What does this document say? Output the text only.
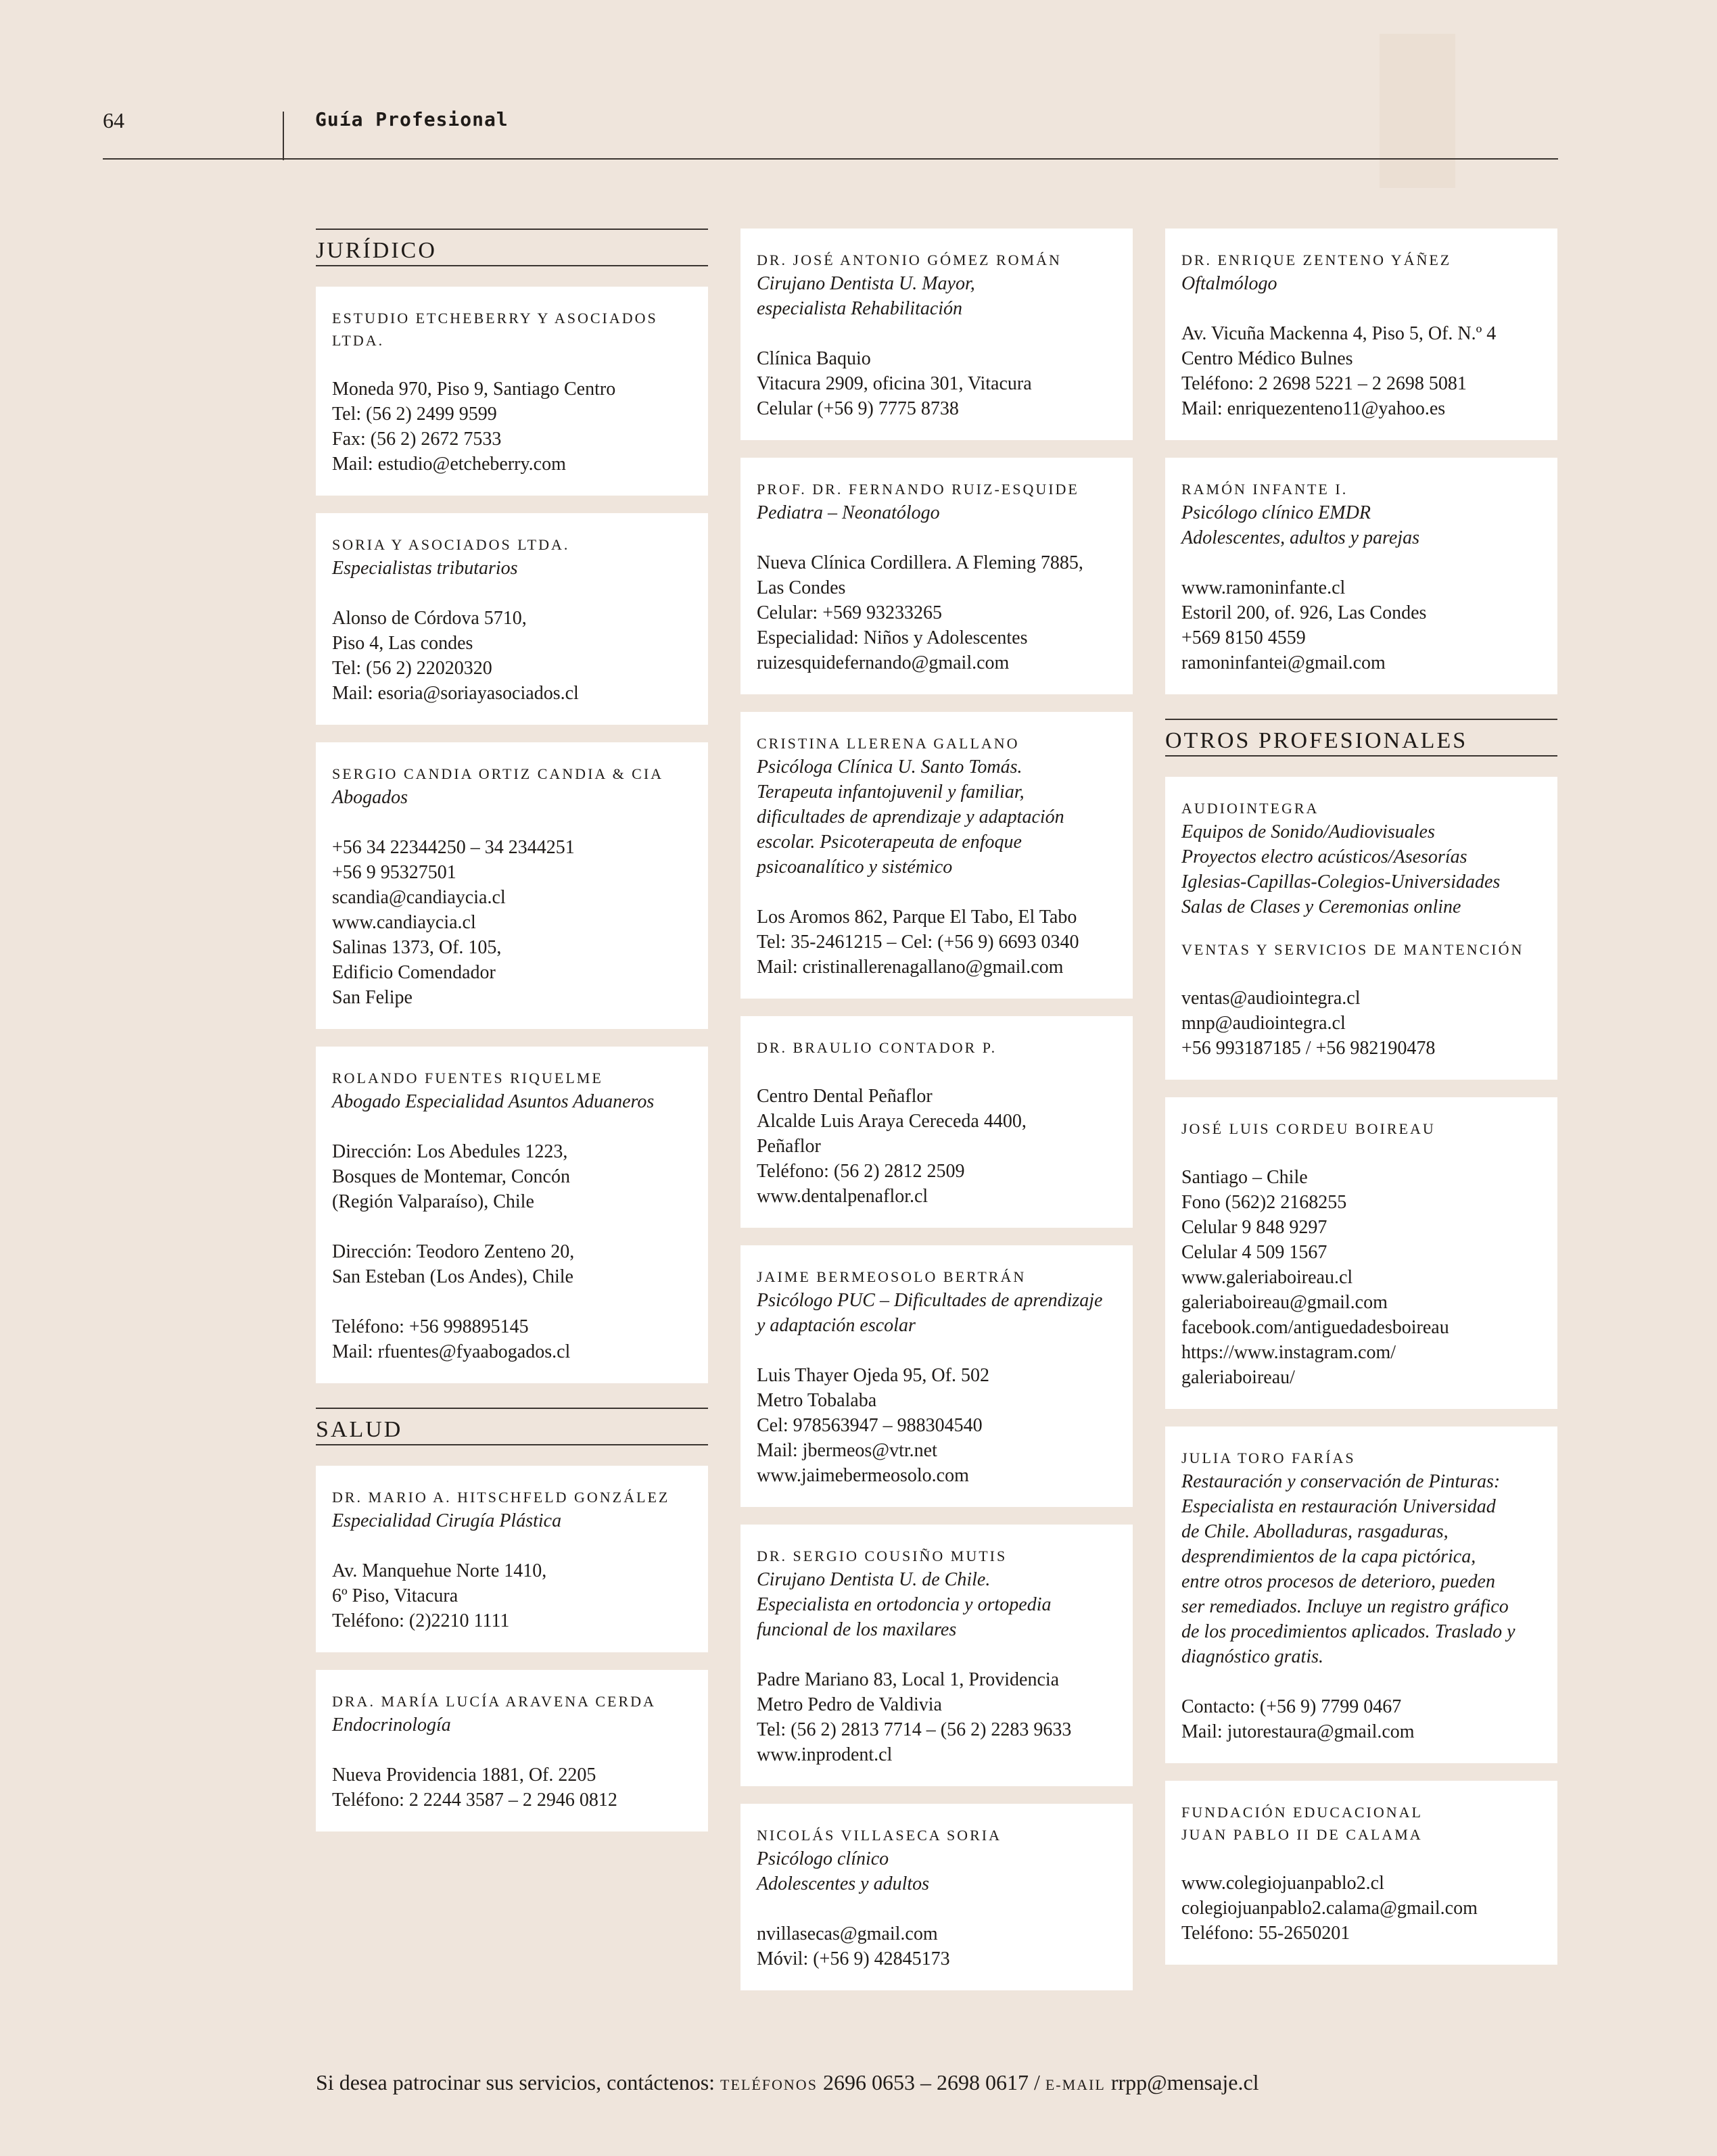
64	Guía Profesional
JURÍDICO
ESTUDIO ETCHEBERRY Y ASOCIADOS LTDA.
Moneda 970, Piso 9, Santiago Centro
Tel: (56 2) 2499 9599
Fax: (56 2) 2672 7533
Mail: estudio@etcheberry.com
SORIA Y ASOCIADOS LTDA.
Especialistas tributarios
Alonso de Córdova 5710,
Piso 4, Las condes
Tel: (56 2) 22020320
Mail: esoria@soriayasociados.cl
SERGIO CANDIA ORTIZ CANDIA & CIA
Abogados
+56 34 22344250 – 34 2344251
+56 9 95327501
scandia@candiaycia.cl
www.candiaycia.cl
Salinas 1373, Of. 105,
Edificio Comendador
San Felipe
ROLANDO FUENTES RIQUELME
Abogado Especialidad Asuntos Aduaneros
Dirección: Los Abedules 1223,
Bosques de Montemar, Concón
(Región Valparaíso), Chile
Dirección: Teodoro Zenteno 20,
San Esteban (Los Andes), Chile
Teléfono: +56 998895145
Mail: rfuentes@fyaabogados.cl
SALUD
DR. MARIO A. HITSCHFELD GONZÁLEZ
Especialidad Cirugía Plástica
Av. Manquehue Norte 1410,
6º Piso, Vitacura
Teléfono: (2)2210 1111
DRA. MARÍA LUCÍA ARAVENA CERDA
Endocrinología
Nueva Providencia 1881, Of. 2205
Teléfono: 2 2244 3587 – 2 2946 0812
DR. JOSÉ ANTONIO GÓMEZ ROMÁN
Cirujano Dentista U. Mayor,
especialista Rehabilitación
Clínica Baquio
Vitacura 2909, oficina 301, Vitacura
Celular (+56 9) 7775 8738
PROF. DR. FERNANDO RUIZ-ESQUIDE
Pediatra – Neonatólogo
Nueva Clínica Cordillera. A Fleming 7885,
Las Condes
Celular: +569 93233265
Especialidad: Niños y Adolescentes
ruizesquidefernando@gmail.com
CRISTINA LLERENA GALLANO
Psicóloga Clínica U. Santo Tomás.
Terapeuta infantojuvenil y familiar,
dificultades de aprendizaje y adaptación
escolar. Psicoterapeuta de enfoque
psicoanalítico y sistémico
Los Aromos 862, Parque El Tabo, El Tabo
Tel: 35-2461215 – Cel: (+56 9) 6693 0340
Mail: cristinallerenagallano@gmail.com
DR. BRAULIO CONTADOR P.
Centro Dental Peñaflor
Alcalde Luis Araya Cereceda 4400,
Peñaflor
Teléfono: (56 2) 2812 2509
www.dentalpenaflor.cl
JAIME BERMEOSOLO BERTRÁN
Psicólogo PUC – Dificultades de aprendizaje
y adaptación escolar
Luis Thayer Ojeda 95, Of. 502
Metro Tobalaba
Cel: 978563947 – 988304540
Mail: jbermeos@vtr.net
www.jaimebermeosolo.com
DR. SERGIO COUSIÑO MUTIS
Cirujano Dentista U. de Chile.
Especialista en ortodoncia y ortopedia
funcional de los maxilares
Padre Mariano 83, Local 1, Providencia
Metro Pedro de Valdivia
Tel: (56 2) 2813 7714 – (56 2) 2283 9633
www.inprodent.cl
NICOLÁS VILLASECA SORIA
Psicólogo clínico
Adolescentes y adultos
nvillasecas@gmail.com
Móvil: (+56 9) 42845173
DR. ENRIQUE ZENTENO YÁÑEZ
Oftalmólogo
Av. Vicuña Mackenna 4, Piso 5, Of. N.º 4
Centro Médico Bulnes
Teléfono: 2 2698 5221 – 2 2698 5081
Mail: enriquezenteno11@yahoo.es
RAMÓN INFANTE I.
Psicólogo clínico EMDR
Adolescentes, adultos y parejas
www.ramoninfante.cl
Estoril 200, of. 926, Las Condes
+569 8150 4559
ramoninfantei@gmail.com
OTROS PROFESIONALES
AUDIOINTEGRA
Equipos de Sonido/Audiovisuales
Proyectos electro acústicos/Asesorías
Iglesias-Capillas-Colegios-Universidades
Salas de Clases y Ceremonias online
VENTAS Y SERVICIOS DE MANTENCIÓN
ventas@audiointegra.cl
mnp@audiointegra.cl
+56 993187185 / +56 982190478
JOSÉ LUIS CORDEU BOIREAU
Santiago – Chile
Fono (562)2 2168255
Celular 9 848 9297
Celular 4 509 1567
www.galeriaboireau.cl
galeriaboireau@gmail.com
facebook.com/antiguedadesboireau
https://www.instagram.com/
galeriaboireau/
JULIA TORO FARÍAS
Restauración y conservación de Pinturas:
Especialista en restauración Universidad
de Chile. Abolladuras, rasgaduras,
desprendimientos de la capa pictórica,
entre otros procesos de deterioro, pueden
ser remediados. Incluye un registro gráfico
de los procedimientos aplicados. Traslado y
diagnóstico gratis.
Contacto: (+56 9) 7799 0467
Mail: jutorestaura@gmail.com
FUNDACIÓN EDUCACIONAL
JUAN PABLO II DE CALAMA
www.colegiojuanpablo2.cl
colegiojuanpablo2.calama@gmail.com
Teléfono: 55-2650201
Si desea patrocinar sus servicios, contáctenos: TELÉFONOS 2696 0653 – 2698 0617 / E-MAIL rrpp@mensaje.cl
